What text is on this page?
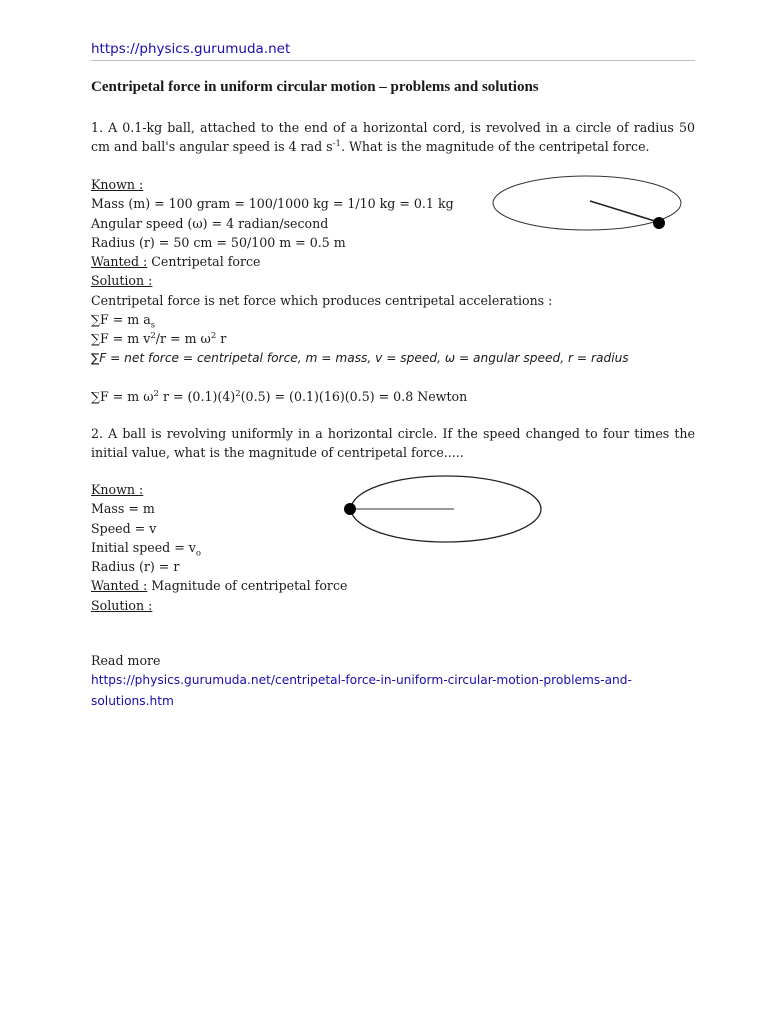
https://physics.gurumuda.net
Centripetal force in uniform circular motion – problems and solutions
1. A 0.1-kg ball, attached to the end of a horizontal cord, is revolved in a circle of radius 50 cm and ball's angular speed is 4 rad $s^{-1}$. What is the magnitude of the centripetal force.
Known :
Mass (m) = 100 gram = 100/1000 kg = 1/10 kg = 0.1 kg
Angular speed (ω) = 4 radian/second
Radius (r) = 50 cm = 50/100 m = 0.5 m
Wanted : Centripetal force
Solution :
Centripetal force is net force which produces centripetal accelerations :
∑F = m $a_s$
∑F = m $v^2/r = m$ $\omega^2$ r
∑F = net force = centripetal force, m = mass, v = speed, ω = angular speed, r = radius
∑F = m $\omega^2$ $r = (0.1)(4)^2(0.5) = (0.1)(16)(0.5) = 0.8$ Newton
2. A ball is revolving uniformly in a horizontal circle. If the speed changed to four times the initial value, what is the magnitude of centripetal force.....
Known :
Mass = m
Speed = v
Initial speed = $v_o$
Radius (r) = r
Wanted : Magnitude of centripetal force
Solution :
Read more
https://physics.gurumuda.net/centripetal-force-in-uniform-circular-motion-problems-and-
solutions.htm
